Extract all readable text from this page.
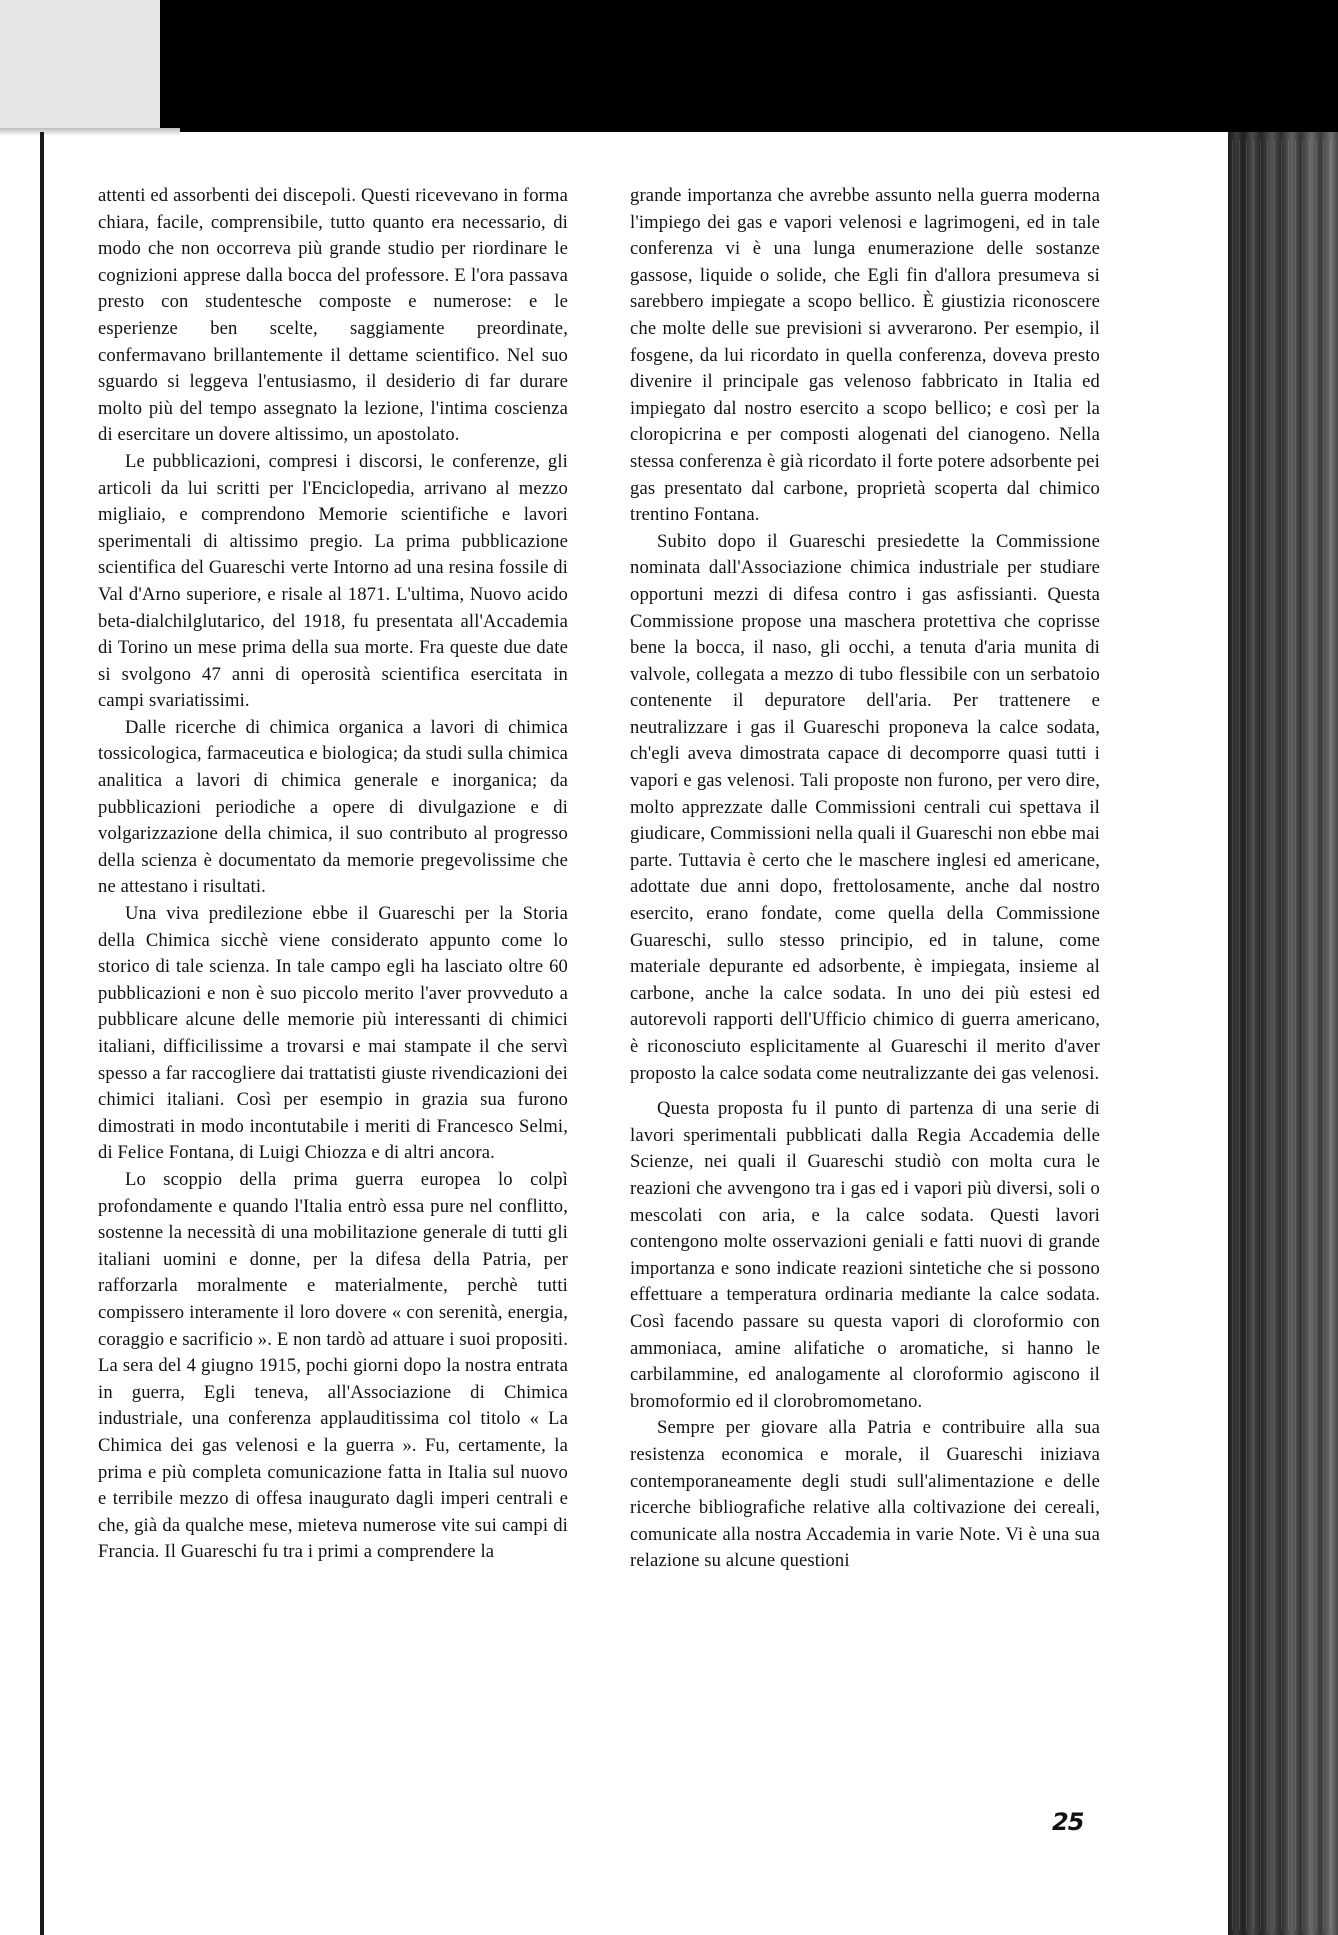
attenti ed assorbenti dei discepoli. Questi ricevevano in forma chiara, facile, comprensibile, tutto quanto era necessario, di modo che non occorreva più grande studio per riordinare le cognizioni apprese dalla bocca del professore. E l'ora passava presto con studentesche composte e numerose: e le esperienze ben scelte, saggiamente preordinate, confermavano brillantemente il dettame scientifico. Nel suo sguardo si leggeva l'entusiasmo, il desiderio di far durare molto più del tempo assegnato la lezione, l'intima coscienza di esercitare un dovere altissimo, un apostolato.

Le pubblicazioni, compresi i discorsi, le conferenze, gli articoli da lui scritti per l'Enciclopedia, arrivano al mezzo migliaio, e comprendono Memorie scientifiche e lavori sperimentali di altissimo pregio. La prima pubblicazione scientifica del Guareschi verte Intorno ad una resina fossile di Val d'Arno superiore, e risale al 1871. L'ultima, Nuovo acido beta-dialchilglutarico, del 1918, fu presentata all'Accademia di Torino un mese prima della sua morte. Fra queste due date si svolgono 47 anni di operosità scientifica esercitata in campi svariatissimi.

Dalle ricerche di chimica organica a lavori di chimica tossicologica, farmaceutica e biologica; da studi sulla chimica analitica a lavori di chimica generale e inorganica; da pubblicazioni periodiche a opere di divulgazione e di volgarizzazione della chimica, il suo contributo al progresso della scienza è documentato da memorie pregevolissime che ne attestano i risultati.

Una viva predilezione ebbe il Guareschi per la Storia della Chimica sicchè viene considerato appunto come lo storico di tale scienza. In tale campo egli ha lasciato oltre 60 pubblicazioni e non è suo piccolo merito l'aver provveduto a pubblicare alcune delle memorie più interessanti di chimici italiani, difficilissime a trovarsi e mai stampate il che servì spesso a far raccogliere dai trattatisti giuste rivendicazioni dei chimici italiani. Così per esempio in grazia sua furono dimostrati in modo incontutabile i meriti di Francesco Selmi, di Felice Fontana, di Luigi Chiozza e di altri ancora.

Lo scoppio della prima guerra europea lo colpì profondamente e quando l'Italia entrò essa pure nel conflitto, sostenne la necessità di una mobilitazione generale di tutti gli italiani uomini e donne, per la difesa della Patria, per rafforzarla moralmente e materialmente, perchè tutti compissero interamente il loro dovere « con serenità, energia, coraggio e sacrificio ». E non tardò ad attuare i suoi propositi. La sera del 4 giugno 1915, pochi giorni dopo la nostra entrata in guerra, Egli teneva, all'Associazione di Chimica industriale, una conferenza applauditissima col titolo « La Chimica dei gas velenosi e la guerra ». Fu, certamente, la prima e più completa comunicazione fatta in Italia sul nuovo e terribile mezzo di offesa inaugurato dagli imperi centrali e che, già da qualche mese, mieteva numerose vite sui campi di Francia. Il Guareschi fu tra i primi a comprendere la

grande importanza che avrebbe assunto nella guerra moderna l'impiego dei gas e vapori velenosi e lagrimogeni, ed in tale conferenza vi è una lunga enumerazione delle sostanze gassose, liquide o solide, che Egli fin d'allora presumeva si sarebbero impiegate a scopo bellico. È giustizia riconoscere che molte delle sue previsioni si avverarono. Per esempio, il fosgene, da lui ricordato in quella conferenza, doveva presto divenire il principale gas velenoso fabbricato in Italia ed impiegato dal nostro esercito a scopo bellico; e così per la cloropicrina e per composti alogenati del cianogeno. Nella stessa conferenza è già ricordato il forte potere adsorbente pei gas presentato dal carbone, proprietà scoperta dal chimico trentino Fontana.

Subito dopo il Guareschi presiedette la Commissione nominata dall'Associazione chimica industriale per studiare opportuni mezzi di difesa contro i gas asfissianti. Questa Commissione propose una maschera protettiva che coprisse bene la bocca, il naso, gli occhi, a tenuta d'aria munita di valvole, collegata a mezzo di tubo flessibile con un serbatoio contenente il depuratore dell'aria. Per trattenere e neutralizzare i gas il Guareschi proponeva la calce sodata, ch'egli aveva dimostrata capace di decomporre quasi tutti i vapori e gas velenosi. Tali proposte non furono, per vero dire, molto apprezzate dalle Commissioni centrali cui spettava il giudicare, Commissioni nella quali il Guareschi non ebbe mai parte. Tuttavia è certo che le maschere inglesi ed americane, adottate due anni dopo, frettolosamente, anche dal nostro esercito, erano fondate, come quella della Commissione Guareschi, sullo stesso principio, ed in talune, come materiale depurante ed adsorbente, è impiegata, insieme al carbone, anche la calce sodata. In uno dei più estesi ed autorevoli rapporti dell'Ufficio chimico di guerra americano, è riconosciuto esplicitamente al Guareschi il merito d'aver proposto la calce sodata come neutralizzante dei gas velenosi.

Questa proposta fu il punto di partenza di una serie di lavori sperimentali pubblicati dalla Regia Accademia delle Scienze, nei quali il Guareschi studiò con molta cura le reazioni che avvengono tra i gas ed i vapori più diversi, soli o mescolati con aria, e la calce sodata. Questi lavori contengono molte osservazioni geniali e fatti nuovi di grande importanza e sono indicate reazioni sintetiche che si possono effettuare a temperatura ordinaria mediante la calce sodata. Così facendo passare su questa vapori di cloroformio con ammoniaca, amine alifatiche o aromatiche, si hanno le carbilammine, ed analogamente al cloroformio agiscono il bromoformio ed il clorobromometano.

Sempre per giovare alla Patria e contribuire alla sua resistenza economica e morale, il Guareschi iniziava contemporaneamente degli studi sull'alimentazione e delle ricerche bibliografiche relative alla coltivazione dei cereali, comunicate alla nostra Accademia in varie Note. Vi è una sua relazione su alcune questioni

25
